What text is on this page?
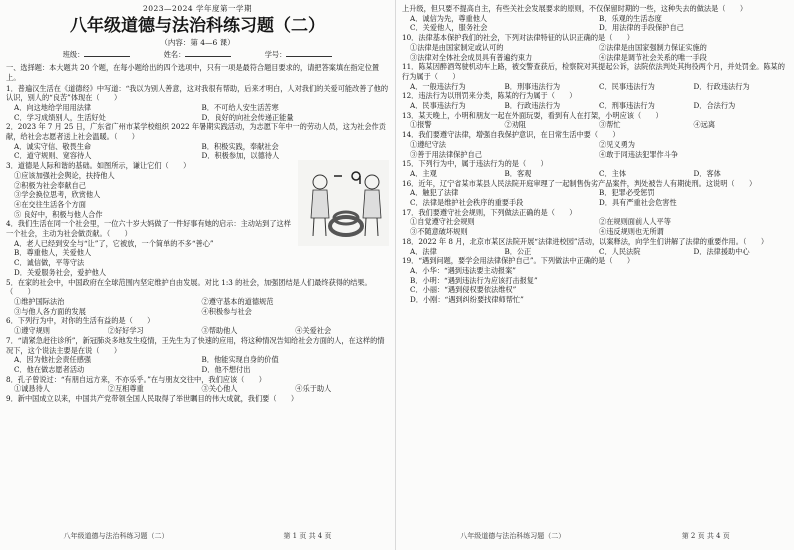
2023—2024 学年度第一学期
八年级道德与法治科练习题（二）
（内容：第 4—6 课）
班级：	姓名：	学号：
一、选择题：本大题共 20 个题，在每小题给出的四个选项中，只有一项是最符合题目要求的，请把答案填在指定位置上。
1．普遍汉生活在《道德经》中写道：“我以为别人善意，这对我很有帮助，后来才明白，人对我们的关爱可能改善了他的认识，别人的“良苦”体现在（　　）
A．向这地给学用用法律	B．不可给人安生活苦寒
C．学习成绩别人，生活好处	D．良好的向社会传递正能量
2．2023 年 7 月 25 日，广东省广州市某学校组织 2022 年暑期实践活动，为志愿下年中一的劳动人员，这为社会作贡献，给社会志愿者送上社会温暖。（　　）
A．诚实守信、敬畏生命	B．积极实践，奉献社会
C．道守规则、宽容待人	D．积极参加，以德待人
3．道德是人际和谐的基础。如图所示，谦让它们（　　）
①应该加强社会舆论，扶持他人
②积极为社会奉献自己
③学会换位思考，欣赏他人
④在交往生活各个方面
⑤ 良好中，积极与他人合作
4．我们生活在同一个社会里，一位六十岁大妈做了一件好事有她的启示：主动站到了这样一个社会，主动为社会做贡献。（　　）
A．老人已经到安全与“让”了，它被放，一个简单的不多“善心”
B．尊重他人，关爱他人
C．诚信做，平等守法
D．关爱服务社会，爱护他人
5．在家的社会中，中国政府在全球范围内坚定维护自由发展。对比 1:3 的社会，加强团结是人们最终获得的结果。（　　）
①维护国际法治	②遵守基本的道德规范
③与他人各方面的发展	④积极参与社会
6．下列行为中，对你的生活有益的是（　　）
①遵守规则	②好好学习	③帮助他人	④关爱社会
7．“请紧急赶往诊所”，新冠肺炎多地发生疫情，王先生为了快速的应用，将这种情况告知给社会方面的人，在这样的情况下，这个说法主要是在说（　　）
A．因为他社会责任感强	B．他能实现自身的价值
C．他在做志愿者活动	D．他不想付出
8．孔子曾说过：“有朋自远方来，不亦乐乎。”在与朋友交往中，我们应该（　　）
①诚恳待人	②互相尊重	③关心他人	④乐于助人
9．新中国成立以来，中国共产党带领全国人民取得了举世瞩目的伟大成就，我们要（　　）
八年级道德与法治科练习题（二）	第 1 页 共 4 页
上升级，但只要不提高自主，有些关社会发展要求的原则，不仅保留时期的一些，这种失去的做法是（　　）
A．诚信为先，尊重他人	B．乐观的生活态度
C．关爱他人，服务社会	D．用法律的手段保护自己
10．法律基本保护我们的社会，下列对法律特征的认识正确的是（　　）
①法律是由国家制定或认可的	②法律是由国家强制力保证实施的
③法律对全体社会成员具有普遍约束力	④法律是调节社会关系的唯一手段
11．陈某因醉酒驾驶机动车上路，被交警查获后，检察院对其提起公诉，法院依法判处其拘役两个月，并处罚金。陈某的行为属于（　　）
A．一般违法行为	B．刑事违法行为	C．民事违法行为	D．行政违法行为
12．违法行为以刑罚来分类，陈某的行为属于（　　）
A．民事违法行为	B．行政违法行为	C．刑事违法行为	D．合法行为
13．某天晚上，小明和朋友一起在外面玩耍，看到有人在打架，小明应该（　　）
①报警	②劝阻	③帮忙	④远离
14．我们要遵守法律，增强自我保护意识，在日常生活中要（　　）
①遵纪守法	②见义勇为
③善于用法律保护自己	④敢于同违法犯罪作斗争
15．下列行为中，属于违法行为的是（　　）
A．主观	B．客观	C．主体	D．客体
16．近年，辽宁省某市某县人民法院开庭审理了一起制售伪劣产品案件，判处被告人有期徒刑。这说明（　　）
A．触犯了法律	B．犯罪必受惩罚
C．法律是维护社会秩序的重要手段	D．具有严重社会危害性
17．我们要遵守社会规则，下列做法正确的是（　　）
①自觉遵守社会规则	②在规则面前人人平等
③不随意破坏规则	④违反规则也无所谓
18．2022 年 8 月，北京市某区法院开展“法律进校园”活动，以案释法，向学生们讲解了法律的重要作用。（　　）
A．法律	B．公正	C．人民法院	D．法律援助中心
19．“遇到问题，要学会用法律保护自己”。下列做法中正确的是（　　）
A．小华：“遇到违法要主动报案”
B．小明：“遇到违法行为应该打击报复”
C．小丽：“遇到侵权要依法维权”
D．小刚：“遇到纠纷要找律师帮忙”
八年级道德与法治科练习题（二）	第 2 页 共 4 页
